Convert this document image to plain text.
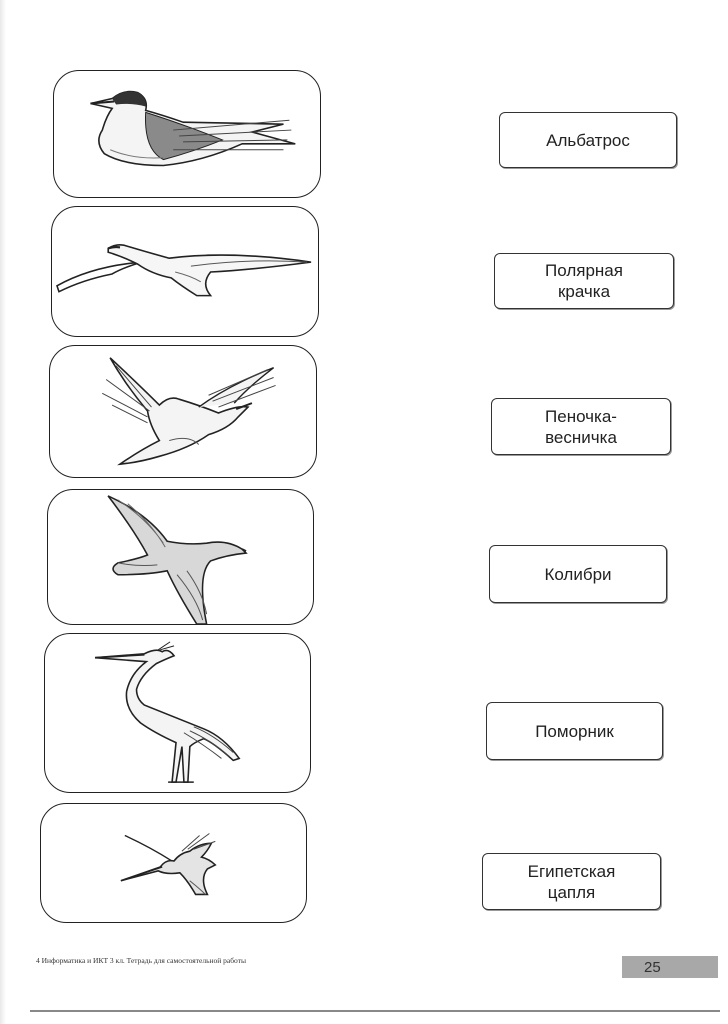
Альбатрос
Полярная
крачка
Пеночка-
весничка
Колибри
Поморник
Египетская
цапля
4 Информатика и ИКТ 3 кл. Тетрадь для самостоятельной работы	25
